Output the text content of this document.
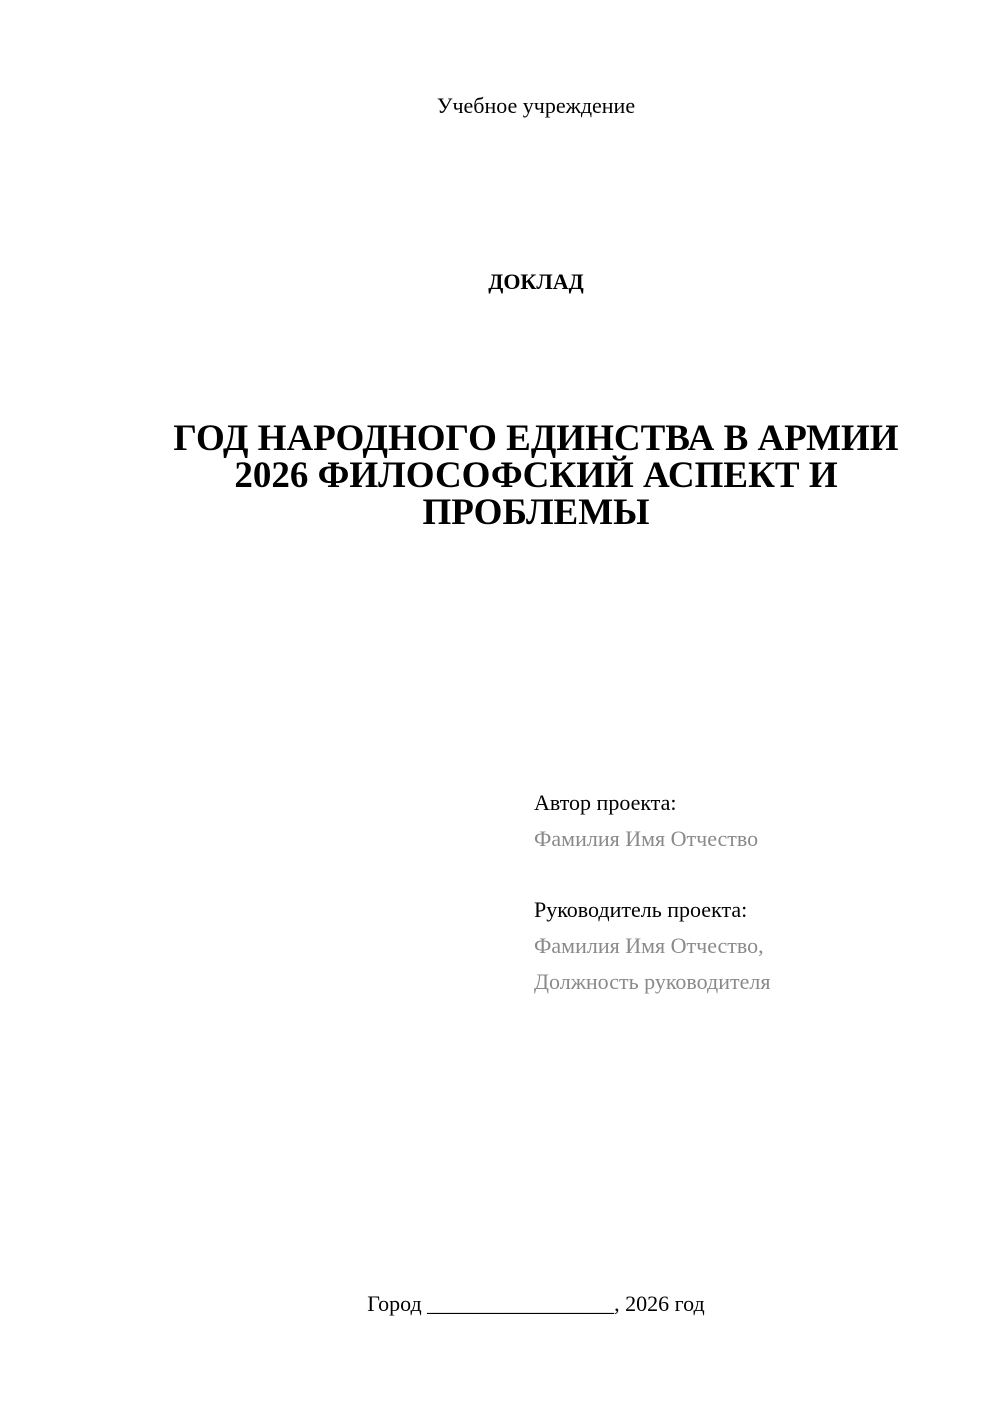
Учебное учреждение
ДОКЛАД
ГОД НАРОДНОГО ЕДИНСТВА В АРМИИ
2026 ФИЛОСОФСКИЙ АСПЕКТ И
ПРОБЛЕМЫ
Автор проекта:
Фамилия Имя Отчество
Руководитель проекта:
Фамилия Имя Отчество,
Должность руководителя
Город _________________, 2026 год
